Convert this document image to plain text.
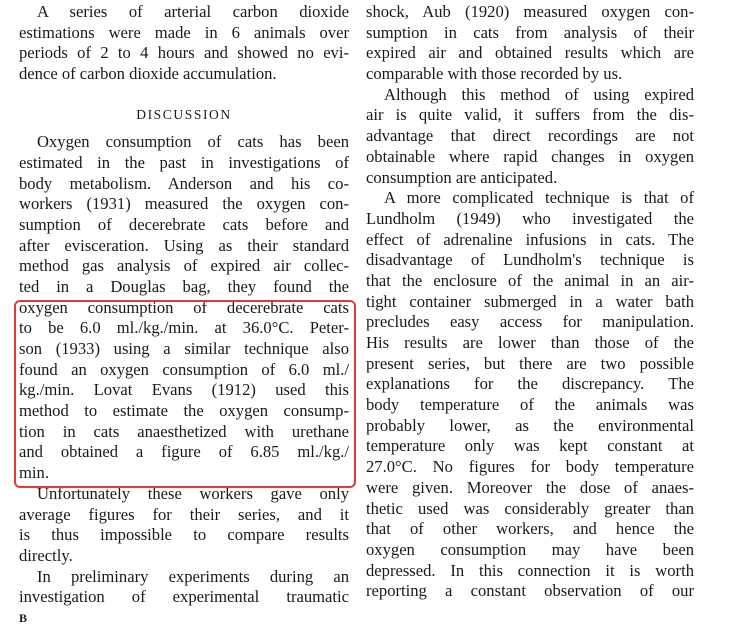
A series of arterial carbon dioxide
estimations were made in 6 animals over
periods of 2 to 4 hours and showed no evi-
dence of carbon dioxide accumulation.
DISCUSSION
Oxygen consumption of cats has been
estimated in the past in investigations of
body metabolism. Anderson and his co-
workers (1931) measured the oxygen con-
sumption of decerebrate cats before and
after evisceration. Using as their standard
method gas analysis of expired air collec-
ted in a Douglas bag, they found the
oxygen consumption of decerebrate cats
to be 6.0 ml./kg./min. at 36.0°C. Peter-
son (1933) using a similar technique also
found an oxygen consumption of 6.0 ml./
kg./min. Lovat Evans (1912) used this
method to estimate the oxygen consump-
tion in cats anaesthetized with urethane
and obtained a figure of 6.85 ml./kg./
min.
Unfortunately these workers gave only
average figures for their series, and it
is thus impossible to compare results
directly.
In preliminary experiments during an
investigation of experimental traumatic
B
shock, Aub (1920) measured oxygen con-
sumption in cats from analysis of their
expired air and obtained results which are
comparable with those recorded by us.
Although this method of using expired
air is quite valid, it suffers from the dis-
advantage that direct recordings are not
obtainable where rapid changes in oxygen
consumption are anticipated.
A more complicated technique is that of
Lundholm (1949) who investigated the
effect of adrenaline infusions in cats. The
disadvantage of Lundholm's technique is
that the enclosure of the animal in an air-
tight container submerged in a water bath
precludes easy access for manipulation.
His results are lower than those of the
present series, but there are two possible
explanations for the discrepancy. The
body temperature of the animals was
probably lower, as the environmental
temperature only was kept constant at
27.0°C. No figures for body temperature
were given. Moreover the dose of anaes-
thetic used was considerably greater than
that of other workers, and hence the
oxygen consumption may have been
depressed. In this connection it is worth
reporting a constant observation of our
